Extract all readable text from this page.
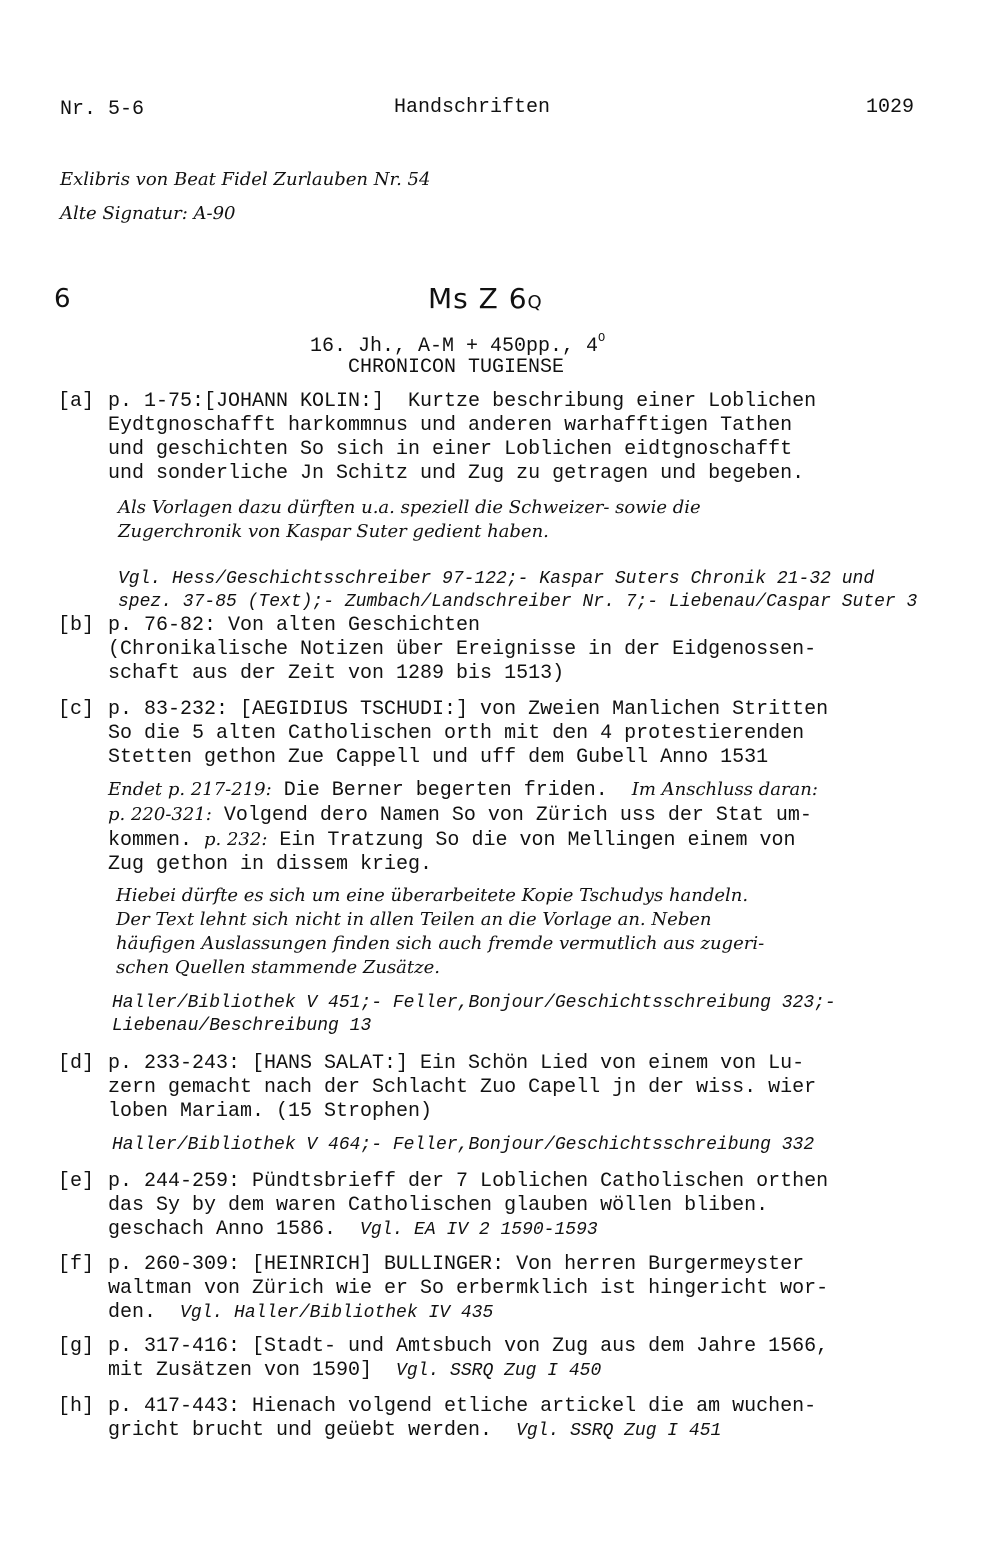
Nr. 5-6	Handschriften	1029
Exlibris von Beat Fidel Zurlauben Nr. 54
Alte Signatur: A-90
6	Ms Z 6Q
16. Jh., A-M + 450pp., $4^O$
CHRONICON TUGIENSE
[a] p. 1-75:[JOHANN KOLIN:]  Kurtze beschribung einer Loblichen
Eydtgnoschafft harkommnus und anderen warhafftigen Tathen
und geschichten So sich in einer Loblichen eidtgnoschafft
und sonderliche Jn Schitz und Zug zu getragen und begeben.
Als Vorlagen dazu dürften u.a. speziell die Schweizer- sowie die
Zugerchronik von Kaspar Suter gedient haben.
Vgl. Hess/Geschichtsschreiber 97-122;- Kaspar Suters Chronik 21-32 und
spez. 37-85 (Text);- Zumbach/Landschreiber Nr. 7;- Liebenau/Caspar Suter 3
[b] p. 76-82: Von alten Geschichten
(Chronikalische Notizen über Ereignisse in der Eidgenossen-
schaft aus der Zeit von 1289 bis 1513)
[c] p. 83-232: [AEGIDIUS TSCHUDI:] von Zweien Manlichen Stritten
So die 5 alten Catholischen orth mit den 4 protestierenden
Stetten gethon Zue Cappell und uff dem Gubell Anno 1531
Endet p. 217-219: Die Berner begerten friden.  Im Anschluss daran:
p. 220-321: Volgend dero Namen So von Zürich uss der Stat um-
kommen. p. 232: Ein Tratzung So die von Mellingen einem von
Zug gethon in dissem krieg.
Hiebei dürfte es sich um eine überarbeitete Kopie Tschudys handeln.
Der Text lehnt sich nicht in allen Teilen an die Vorlage an. Neben
häufigen Auslassungen finden sich auch fremde vermutlich aus zugeri-
schen Quellen stammende Zusätze.
Haller/Bibliothek V 451;- Feller,Bonjour/Geschichtsschreibung 323;-
Liebenau/Beschreibung 13
[d] p. 233-243: [HANS SALAT:] Ein Schön Lied von einem von Lu-
zern gemacht nach der Schlacht Zuo Capell jn der wiss. wier
loben Mariam. (15 Strophen)
Haller/Bibliothek V 464;- Feller,Bonjour/Geschichtsschreibung 332
[e] p. 244-259: Pündtsbrieff der 7 Loblichen Catholischen orthen
das Sy by dem waren Catholischen glauben wöllen bliben.
geschach Anno 1586.  Vgl. EA IV 2 1590-1593
[f] p. 260-309: [HEINRICH] BULLINGER: Von herren Burgermeyster
waltman von Zürich wie er So erbermklich ist hingericht wor-
den.  Vgl. Haller/Bibliothek IV 435
[g] p. 317-416: [Stadt- und Amtsbuch von Zug aus dem Jahre 1566,
mit Zusätzen von 1590]  Vgl. SSRQ Zug I 450
[h] p. 417-443: Hienach volgend etliche artickel die am wuchen-
gricht brucht und geüebt werden.  Vgl. SSRQ Zug I 451
